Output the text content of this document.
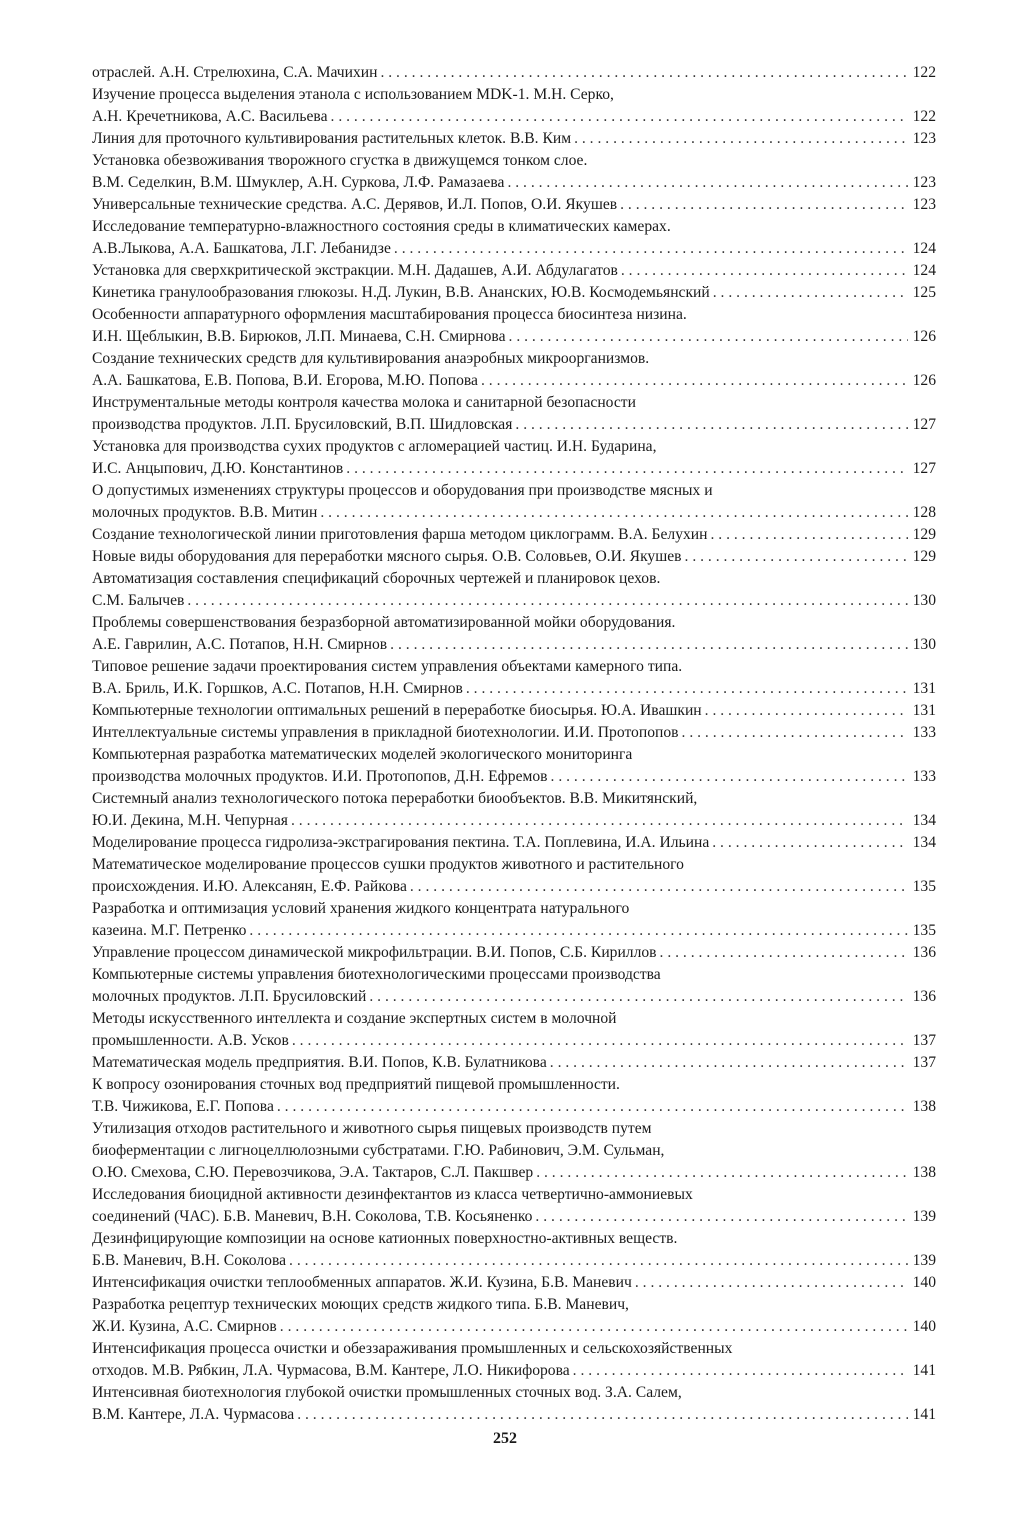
отраслей. А.Н. Стрелюхина, С.А. Мачихин . . .	122
Изучение процесса выделения этанола с использованием MDK-1. М.Н. Серко,
А.Н. Кречетникова, А.С. Васильева . . .	122
Линия для проточного культивирования растительных клеток. В.В. Ким . . .	123
Установка обезвоживания творожного сгустка в движущемся тонком слое.
В.М. Седелкин, В.М. Шмуклер, А.Н. Суркова, Л.Ф. Рамазаева . . .	123
Универсальные технические средства. А.С. Дерявов, И.Л. Попов, О.И. Якушев . . .	123
Исследование температурно-влажностного состояния среды в климатических камерах.
А.В.Лыкова, А.А. Башкатова, Л.Г. Лебанидзе . . .	124
Установка для сверхкритической экстракции. М.Н. Дадашев, А.И. Абдулагатов . . .	124
Кинетика гранулообразования глюкозы. Н.Д. Лукин, В.В. Ананских, Ю.В. Космодемьянский . . .	125
Особенности аппаратурного оформления масштабирования процесса биосинтеза низина.
И.Н. Щеблыкин, В.В. Бирюков, Л.П. Минаева, С.Н. Смирнова . . .	126
Создание технических средств для культивирования анаэробных микроорганизмов.
А.А. Башкатова, Е.В. Попова, В.И. Егорова, М.Ю. Попова . . .	126
Инструментальные методы контроля качества молока и санитарной безопасности
производства продуктов. Л.П. Брусиловский, В.П. Шидловская . . .	127
Установка для производства сухих продуктов с агломерацией частиц. И.Н. Бударина,
И.С. Анцыпович, Д.Ю. Константинов . . .	127
О допустимых изменениях структуры процессов и оборудования при производстве мясных и
молочных продуктов. В.В. Митин . . .	128
Создание технологической линии приготовления фарша методом циклограмм. В.А. Белухин . . .	129
Новые виды оборудования для переработки мясного сырья. О.В. Соловьев, О.И. Якушев . . .	129
Автоматизация составления спецификаций сборочных чертежей и планировок цехов.
С.М. Балычев . . .	130
Проблемы совершенствования безразборной автоматизированной мойки оборудования.
А.Е. Гаврилин, А.С. Потапов, Н.Н. Смирнов . . .	130
Типовое решение задачи проектирования систем управления объектами камерного типа.
В.А. Бриль, И.К. Горшков, А.С. Потапов, Н.Н. Смирнов . . .	131
Компьютерные технологии оптимальных решений в переработке биосырья. Ю.А. Ивашкин . . .	131
Интеллектуальные системы управления в прикладной биотехнологии. И.И. Протопопов . . .	133
Компьютерная разработка математических моделей экологического мониторинга
производства молочных продуктов. И.И. Протопопов, Д.Н. Ефремов . . .	133
Системный анализ технологического потока переработки биообъектов. В.В. Микитянский,
Ю.И. Декина, М.Н. Чепурная . . .	134
Моделирование процесса гидролиза-экстрагирования пектина. Т.А. Поплевина, И.А. Ильина . . .	134
Математическое моделирование процессов сушки продуктов животного и растительного
происхождения. И.Ю. Алексанян, Е.Ф. Райкова . . .	135
Разработка и оптимизация условий хранения жидкого концентрата натурального
казеина. М.Г. Петренко . . .	135
Управление процессом динамической микрофильтрации. В.И. Попов, С.Б. Кириллов . . .	136
Компьютерные системы управления биотехнологическими процессами производства
молочных продуктов. Л.П. Брусиловский . . .	136
Методы искусственного интеллекта и создание экспертных систем в молочной
промышленности. А.В. Усков . . .	137
Математическая модель предприятия. В.И. Попов, К.В. Булатникова . . .	137
К вопросу озонирования сточных вод предприятий пищевой промышленности.
Т.В. Чижикова, Е.Г. Попова . . .	138
Утилизация отходов растительного и животного сырья пищевых производств путем
биоферментации с лигноцеллюлозными субстратами. Г.Ю. Рабинович, Э.М. Сульман,
О.Ю. Смехова, С.Ю. Перевозчикова, Э.А. Тактаров, С.Л. Пакшвер . . .	138
Исследования биоцидной активности дезинфектантов из класса четвертично-аммониевых
соединений (ЧАС). Б.В. Маневич, В.Н. Соколова, Т.В. Косьяненко . . .	139
Дезинфицирующие композиции на основе катионных поверхностно-активных веществ.
Б.В. Маневич, В.Н. Соколова . . .	139
Интенсификация очистки теплообменных аппаратов. Ж.И. Кузина, Б.В. Маневич . . .	140
Разработка рецептур технических моющих средств жидкого типа. Б.В. Маневич,
Ж.И. Кузина, А.С. Смирнов . . .	140
Интенсификация процесса очистки и обеззараживания промышленных и сельскохозяйственных
отходов. М.В. Рябкин, Л.А. Чурмасова, В.М. Кантере, Л.О. Никифорова . . .	141
Интенсивная биотехнология глубокой очистки промышленных сточных вод. З.А. Салем,
В.М. Кантере, Л.А. Чурмасова . . .	141
252
